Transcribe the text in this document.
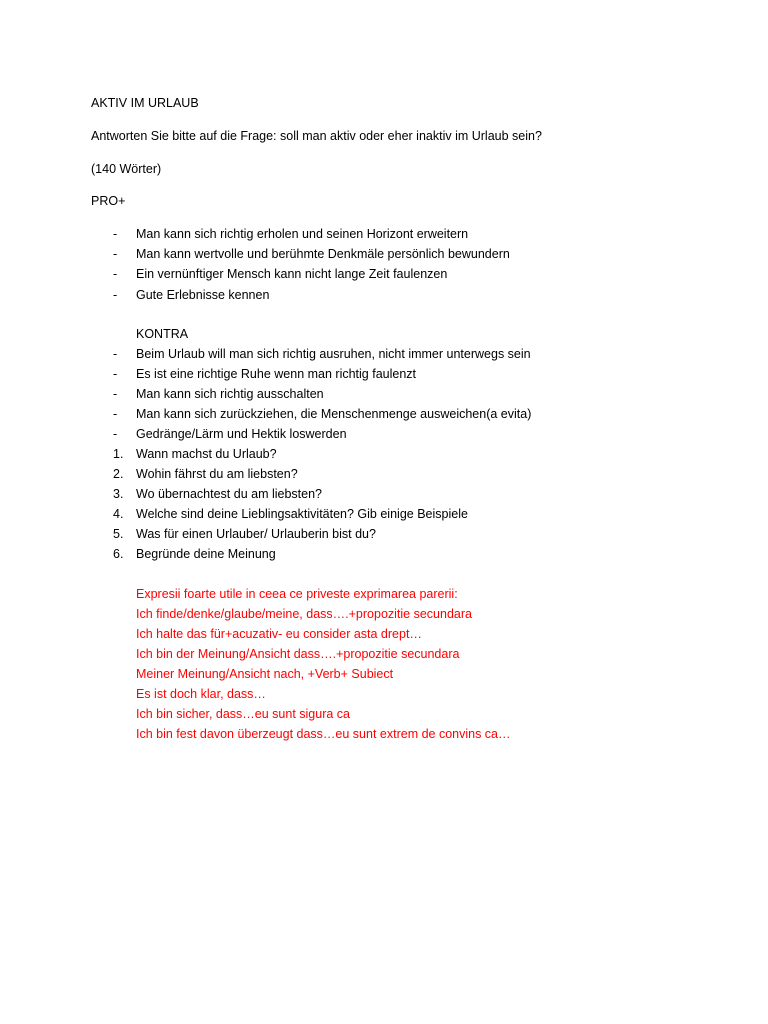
AKTIV IM URLAUB
Antworten Sie bitte auf die Frage: soll man aktiv oder eher inaktiv im Urlaub sein?
(140 Wörter)
PRO+
- Man kann sich richtig erholen und seinen Horizont erweitern
- Man kann wertvolle und berühmte Denkmäle persönlich bewundern
- Ein vernünftiger Mensch kann nicht lange Zeit faulenzen
- Gute Erlebnisse kennen
KONTRA
- Beim Urlaub will man sich richtig ausruhen, nicht immer unterwegs sein
- Es ist eine richtige Ruhe wenn man richtig faulenzt
- Man kann sich richtig ausschalten
- Man kann sich zurückziehen, die Menschenmenge ausweichen(a evita)
- Gedränge/Lärm und Hektik loswerden
1. Wann machst du Urlaub?
2. Wohin fährst du am liebsten?
3. Wo übernachtest du am liebsten?
4. Welche sind deine Lieblingsaktivitäten? Gib einige Beispiele
5. Was für einen Urlauber/ Urlauberin bist du?
6. Begründe deine Meinung
Expresii foarte utile in ceea ce priveste exprimarea parerii:
Ich finde/denke/glaube/meine, dass….+propozitie secundara
Ich halte das für+acuzativ- eu consider asta drept…
Ich bin der Meinung/Ansicht dass….+propozitie secundara
Meiner Meinung/Ansicht nach, +Verb+ Subiect
Es ist doch klar, dass…
Ich bin sicher, dass…eu sunt sigura ca
Ich bin fest davon überzeugt dass…eu sunt extrem de convins ca…
